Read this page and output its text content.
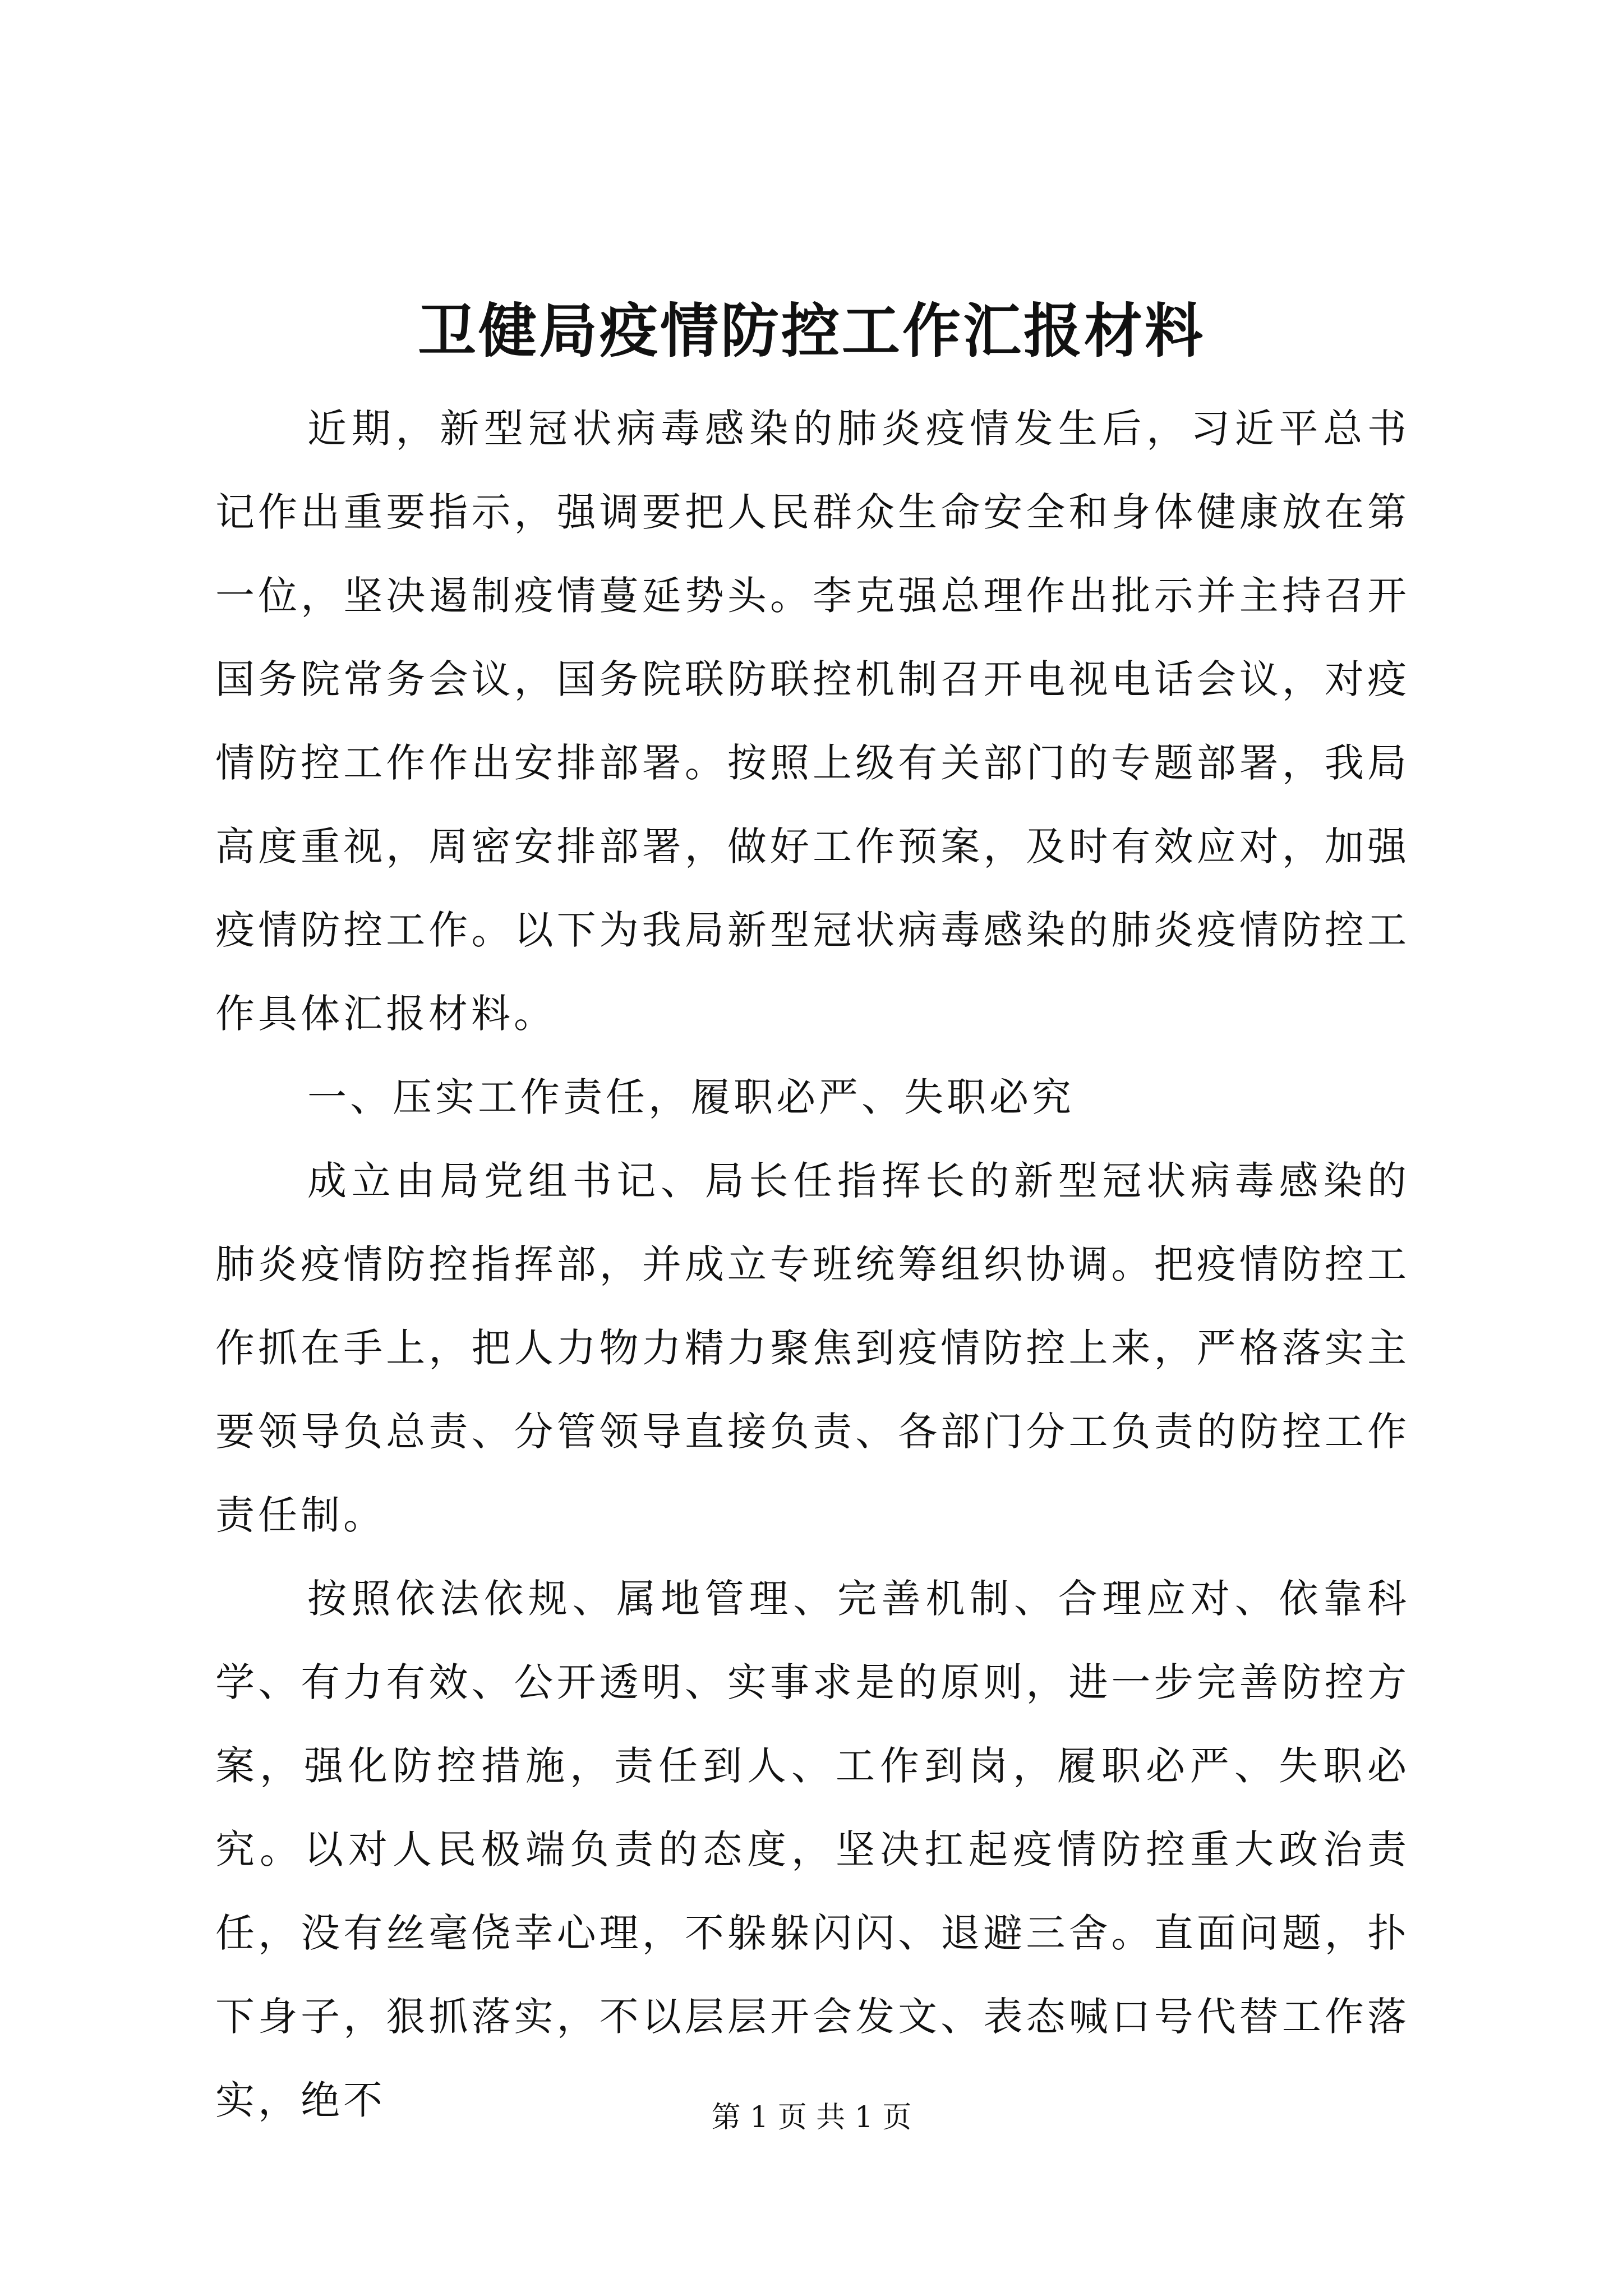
卫健局疫情防控工作汇报材料

近期，新型冠状病毒感染的肺炎疫情发生后，习近平总书记作出重要指示，强调要把人民群众生命安全和身体健康放在第一位，坚决遏制疫情蔓延势头。李克强总理作出批示并主持召开国务院常务会议，国务院联防联控机制召开电视电话会议，对疫情防控工作作出安排部署。按照上级有关部门的专题部署，我局高度重视，周密安排部署，做好工作预案，及时有效应对，加强疫情防控工作。以下为我局新型冠状病毒感染的肺炎疫情防控工作具体汇报材料。

一、压实工作责任，履职必严、失职必究

成立由局党组书记、局长任指挥长的新型冠状病毒感染的肺炎疫情防控指挥部，并成立专班统筹组织协调。把疫情防控工作抓在手上，把人力物力精力聚焦到疫情防控上来，严格落实主要领导负总责、分管领导直接负责、各部门分工负责的防控工作责任制。

按照依法依规、属地管理、完善机制、合理应对、依靠科学、有力有效、公开透明、实事求是的原则，进一步完善防控方案，强化防控措施，责任到人、工作到岗，履职必严、失职必究。以对人民极端负责的态度，坚决扛起疫情防控重大政治责任，没有丝毫侥幸心理，不躲躲闪闪、退避三舍。直面问题，扑下身子，狠抓落实，不以层层开会发文、表态喊口号代替工作落实，绝不	第 1 页 共 1 页
